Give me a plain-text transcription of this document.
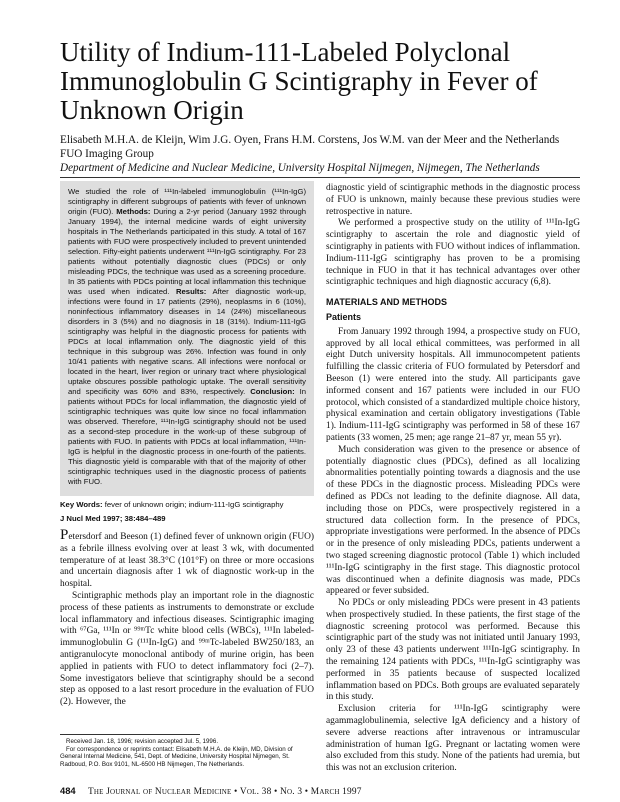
Utility of Indium-111-Labeled Polyclonal
Immunoglobulin G Scintigraphy in Fever of
Unknown Origin
Elisabeth M.H.A. de Kleijn, Wim J.G. Oyen, Frans H.M. Corstens, Jos W.M. van der Meer and the Netherlands FUO Imaging Group
Department of Medicine and Nuclear Medicine, University Hospital Nijmegen, Nijmegen, The Netherlands
We studied the role of ¹¹¹In-labeled immunoglobulin (¹¹¹In-IgG) scintigraphy in different subgroups of patients with fever of unknown origin (FUO). Methods: During a 2-yr period (January 1992 through January 1994), the internal medicine wards of eight university hospitals in The Netherlands participated in this study. A total of 167 patients with FUO were prospectively included to prevent unintended selection. Fifty-eight patients underwent ¹¹¹In-IgG scintigraphy. For 23 patients without potentially diagnostic clues (PDCs) or only misleading PDCs, the technique was used as a screening procedure. In 35 patients with PDCs pointing at local inflammation this technique was used when indicated. Results: After diagnostic work-up, infections were found in 17 patients (29%), neoplasms in 6 (10%), noninfectious inflammatory diseases in 14 (24%) miscellaneous disorders in 3 (5%) and no diagnosis in 18 (31%). Indium-111-IgG scintigraphy was helpful in the diagnostic process for patients with PDCs at local inflammation only. The diagnostic yield of this technique in this subgroup was 26%. Infection was found in only 10/41 patients with negative scans. All infections were nonfocal or located in the heart, liver region or urinary tract where physiological uptake obscures possible pathologic uptake. The overall sensitivity and specificity was 60% and 83%, respectively. Conclusion: In patients without PDCs for local inflammation, the diagnostic yield of scintigraphic techniques was quite low since no focal inflammation was observed. Therefore, ¹¹¹In-IgG scintigraphy should not be used as a second-step procedure in the work-up of these subgroup of patients with FUO. In patients with PDCs at local inflammation, ¹¹¹In-IgG is helpful in the diagnostic process in one-fourth of the patients. This diagnostic yield is comparable with that of the majority of other scintigraphic techniques used in the diagnostic process of patients with FUO.
Key Words: fever of unknown origin; indium-111-IgG scintigraphy
J Nucl Med 1997; 38:484–489

Petersdorf and Beeson (1) defined fever of unknown origin (FUO) as a febrile illness evolving over at least 3 wk, with documented temperature of at least 38.3°C (101°F) on three or more occasions and uncertain diagnosis after 1 wk of diagnostic work-up in the hospital.

Scintigraphic methods play an important role in the diagnostic process of these patients as instruments to demonstrate or exclude local inflammatory and infectious diseases. Scintigraphic imaging with ⁶⁷Ga, ¹¹¹In or ⁹⁹ᵐTc white blood cells (WBCs), ¹¹¹In labeled-immunoglobulin G (¹¹¹In-IgG) and ⁹⁹ᵐTc-labeled BW250/183, an antigranulocyte monoclonal antibody of murine origin, has been applied in patients with FUO to detect inflammatory foci (2–7). Some investigators believe that scintigraphy should be a second step as opposed to a last resort procedure in the evaluation of FUO (2). However, the

diagnostic yield of scintigraphic methods in the diagnostic process of FUO is unknown, mainly because these previous studies were retrospective in nature.

We performed a prospective study on the utility of ¹¹¹In-IgG scintigraphy to ascertain the role and diagnostic yield of scintigraphy in patients with FUO without indices of inflammation. Indium-111-IgG scintigraphy has proven to be a promising technique in FUO in that it has technical advantages over other scintigraphic techniques and high diagnostic accuracy (6,8).

MATERIALS AND METHODS
Patients

From January 1992 through 1994, a prospective study on FUO, approved by all local ethical committees, was performed in all eight Dutch university hospitals. All immunocompetent patients fulfilling the classic criteria of FUO formulated by Petersdorf and Beeson (1) were entered into the study. All participants gave informed consent and 167 patients were included in our FUO protocol, which consisted of a standardized multiple choice history, physical examination and certain obligatory investigations (Table 1). Indium-111-IgG scintigraphy was performed in 58 of these 167 patients (33 women, 25 men; age range 21–87 yr, mean 55 yr).

Much consideration was given to the presence or absence of potentially diagnostic clues (PDCs), defined as all localizing abnormalities potentially pointing towards a diagnosis and the use of these PDCs in the diagnostic process. Misleading PDCs were defined as PDCs not leading to the definite diagnose. All data, including those on PDCs, were prospectively registered in a structured data collection form. In the presence of PDCs, appropriate investigations were performed. In the absence of PDCs or in the presence of only misleading PDCs, patients underwent a two staged screening diagnostic protocol (Table 1) which included ¹¹¹In-IgG scintigraphy in the first stage. This diagnostic protocol was discontinued when a definite diagnosis was made, PDCs appeared or fever subsided.

No PDCs or only misleading PDCs were present in 43 patients when prospectively studied. In these patients, the first stage of the diagnostic screening protocol was performed. Because this scintigraphic part of the study was not initiated until January 1993, only 23 of these 43 patients underwent ¹¹¹In-IgG scintigraphy. In the remaining 124 patients with PDCs, ¹¹¹In-IgG scintigraphy was performed in 35 patients because of suspected localized inflammation based on PDCs. Both groups are evaluated separately in this study.

Exclusion criteria for ¹¹¹In-IgG scintigraphy were agammaglobulinemia, selective IgA deficiency and a history of severe adverse reactions after intravenous or intramuscular administration of human IgG. Pregnant or lactating women were also excluded from this study. None of the patients had uremia, but this was not an exclusion criterion.

Received Jan. 18, 1996; revision accepted Jul. 5, 1996.
For correspondence or reprints contact: Elisabeth M.H.A. de Kleijn, MD, Division of General Internal Medicine, 541, Dept. of Medicine, University Hospital Nijmegen, St. Radboud, P.O. Box 9101, NL-6500 HB Nijmegen, The Netherlands.
484 The Journal of Nuclear Medicine • Vol. 38 • No. 3 • March 1997
